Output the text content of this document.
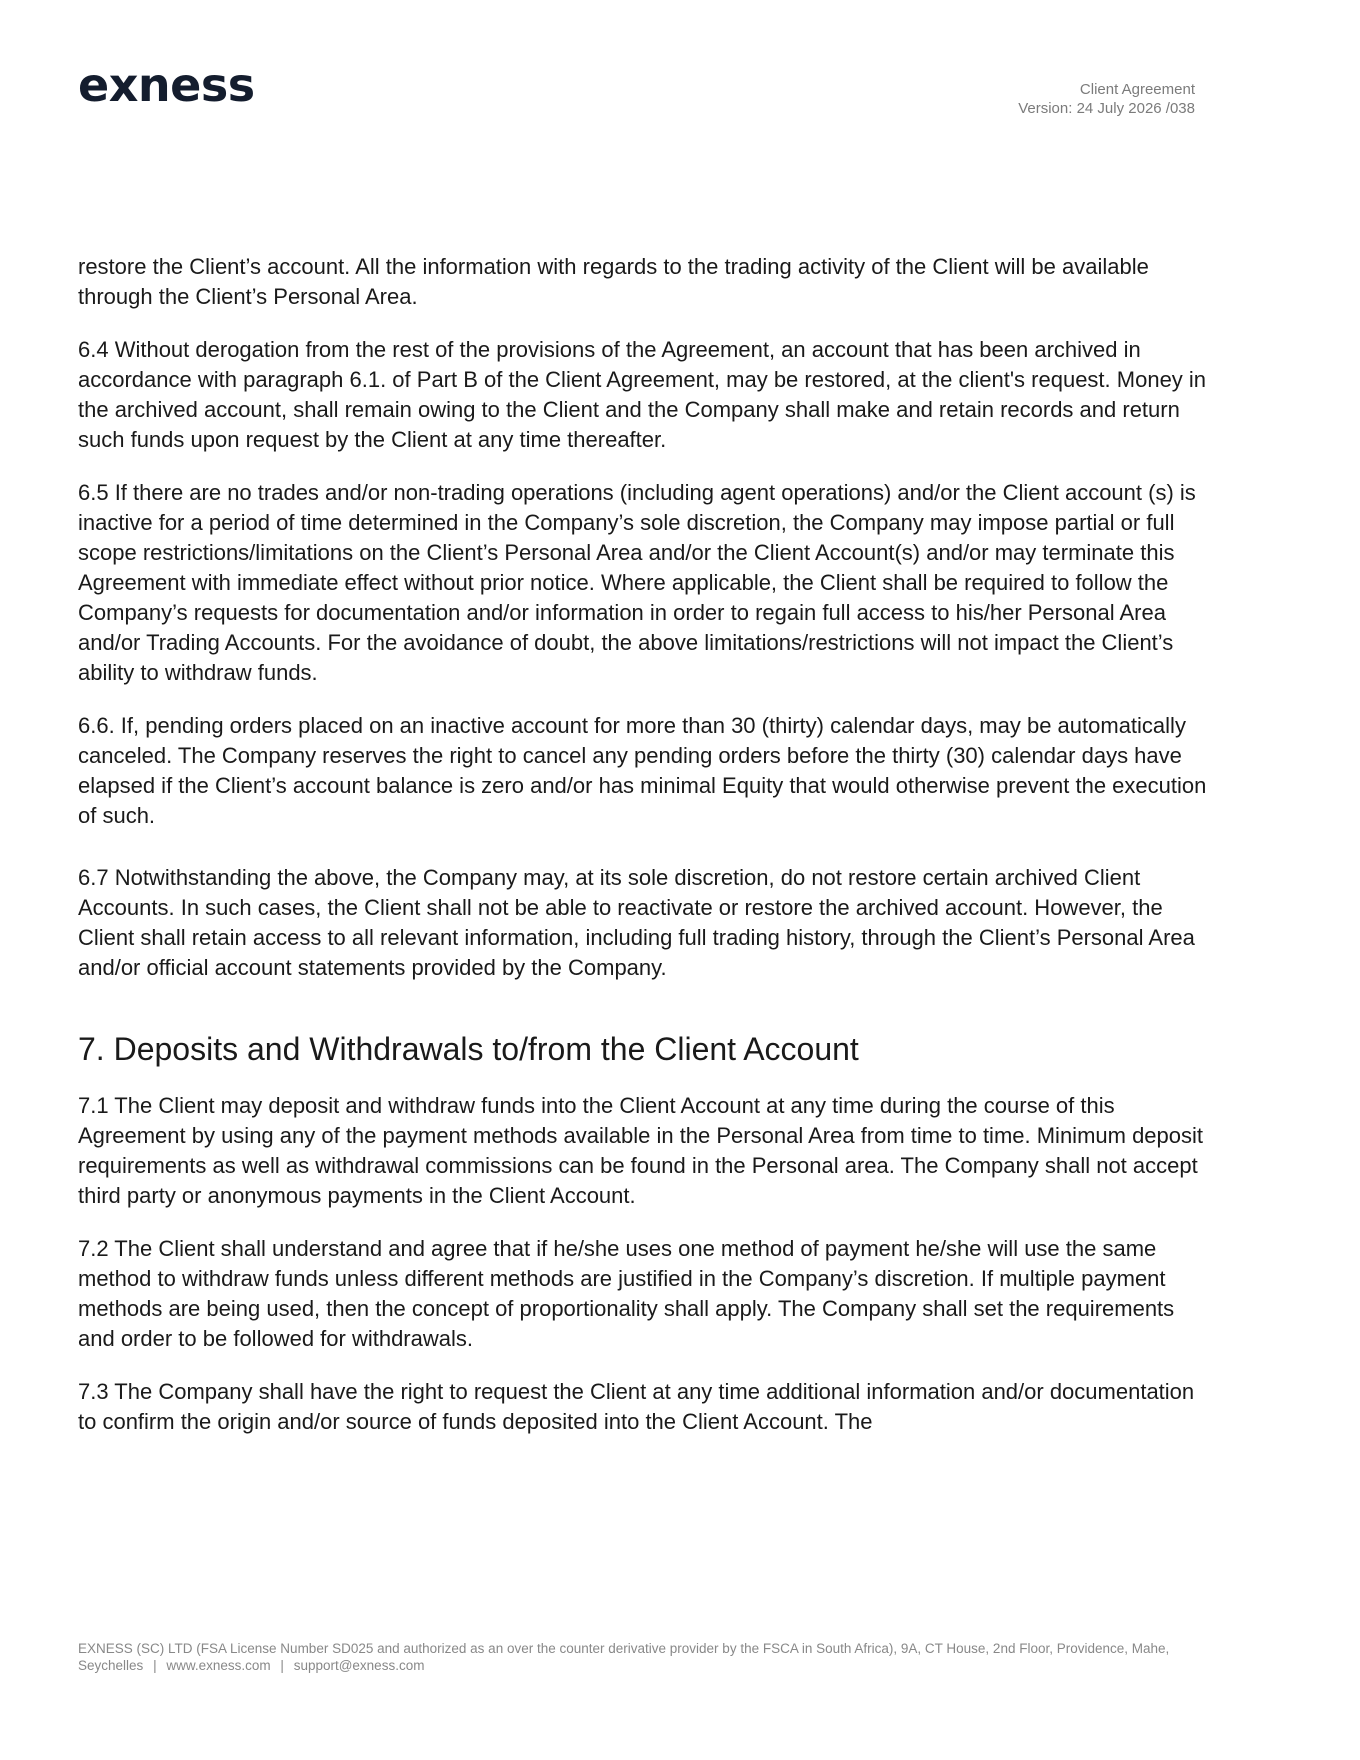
exness	Client Agreement
Version: 24 July 2026 /038

restore the Client’s account. All the information with regards to the trading activity of the Client will be available through the Client’s Personal Area.

6.4 Without derogation from the rest of the provisions of the Agreement, an account that has been archived in accordance with paragraph 6.1. of Part B of the Client Agreement, may be restored, at the client's request. Money in the archived account, shall remain owing to the Client and the Company shall make and retain records and return such funds upon request by the Client at any time thereafter.

6.5 If there are no trades and/or non-trading operations (including agent operations) and/or the Client account (s) is inactive for a period of time determined in the Company’s sole discretion, the Company may impose partial or full scope restrictions/limitations on the Client’s Personal Area and/or the Client Account(s) and/or may terminate this Agreement with immediate effect without prior notice. Where applicable, the Client shall be required to follow the Company’s requests for documentation and/or information in order to regain full access to his/her Personal Area and/or Trading Accounts. For the avoidance of doubt, the above limitations/restrictions will not impact the Client’s ability to withdraw funds.

6.6. If, pending orders placed on an inactive account for more than 30 (thirty) calendar days, may be automatically canceled. The Company reserves the right to cancel any pending orders before the thirty (30) calendar days have elapsed if the Client’s account balance is zero and/or has minimal Equity that would otherwise prevent the execution of such.

6.7 Notwithstanding the above, the Company may, at its sole discretion, do not restore certain archived Client Accounts. In such cases, the Client shall not be able to reactivate or restore the archived account. However, the Client shall retain access to all relevant information, including full trading history, through the Client’s Personal Area and/or official account statements provided by the Company.

7. Deposits and Withdrawals to/from the Client Account

7.1 The Client may deposit and withdraw funds into the Client Account at any time during the course of this Agreement by using any of the payment methods available in the Personal Area from time to time. Minimum deposit requirements as well as withdrawal commissions can be found in the Personal area. The Company shall not accept third party or anonymous payments in the Client Account.

7.2 The Client shall understand and agree that if he/she uses one method of payment he/she will use the same method to withdraw funds unless different methods are justified in the Company’s discretion. If multiple payment methods are being used, then the concept of proportionality shall apply. The Company shall set the requirements and order to be followed for withdrawals.

7.3 The Company shall have the right to request the Client at any time additional information and/or documentation to confirm the origin and/or source of funds deposited into the Client Account. The

EXNESS (SC) LTD (FSA License Number SD025 and authorized as an over the counter derivative provider by the FSCA in South Africa), 9A, CT House, 2nd Floor, Providence, Mahe, Seychelles | www.exness.com | support@exness.com
